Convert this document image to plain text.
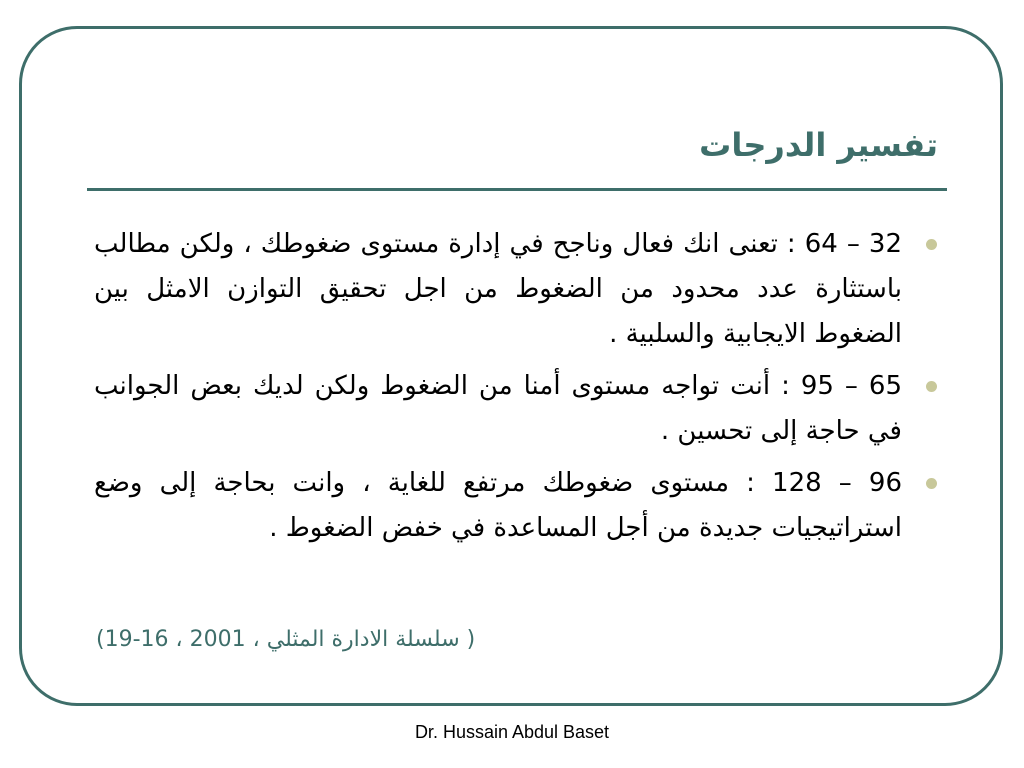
تفسير الدرجات
32 – 64 : تعنى انك فعال وناجح في إدارة مستوى ضغوطك ، ولكن مطالب باستثارة عدد محدود من الضغوط من اجل تحقيق التوازن الامثل بين الضغوط الايجابية والسلبية .
65 – 95 : أنت تواجه مستوى أمنا من الضغوط ولكن لديك بعض الجوانب في حاجة إلى تحسين .
96 – 128 : مستوى ضغوطك مرتفع للغاية ، وانت بحاجة إلى وضع استراتيجيات جديدة من أجل المساعدة في خفض الضغوط .
( سلسلة الادارة المثلي ، 2001 ، 16-19)
Dr. Hussain Abdul Baset
